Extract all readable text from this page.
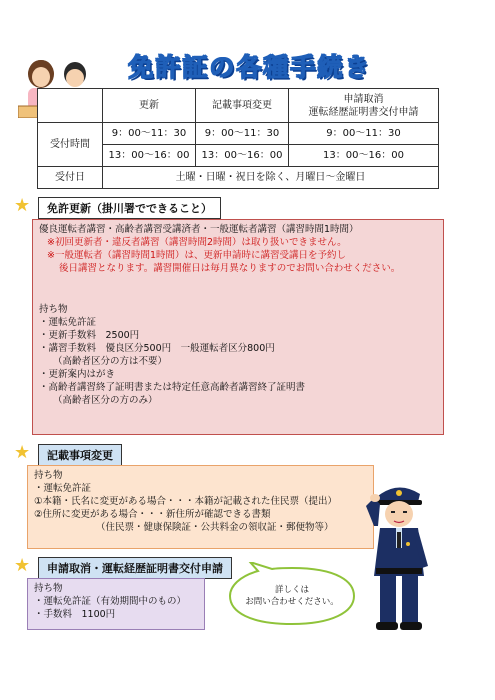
免許証の各種手続き
	更新	記載事項変更	申請取消
運転経歴証明書交付申請
受付時間	9：00～11：30	9：00～11：30	9：00～11：30
	13：00～16：00	13：00～16：00	13：00～16：00
受付日	土曜・日曜・祝日を除く、月曜日～金曜日		
★	免許更新（掛川署でできること）
優良運転者講習・高齢者講習受講済者・一般運転者講習（講習時間1時間）
※初回更新者・違反者講習（講習時間2時間）は取り扱いできません。
※一般運転者（講習時間1時間）は、更新申請時に講習受講日を予約し
後日講習となります。講習開催日は毎月異なりますのでお問い合わせください。
持ち物
・運転免許証
・更新手数料　2500円
・講習手数料　優良区分500円　一般運転者区分800円
（高齢者区分の方は不要）
・更新案内はがき
・高齢者講習終了証明書または特定任意高齢者講習終了証明書
（高齢者区分の方のみ）
★	記載事項変更
持ち物
・運転免許証
①本籍・氏名に変更がある場合・・・本籍が記載された住民票（提出）
②住所に変更がある場合・・・新住所が確認できる書類
（住民票・健康保険証・公共料金の領収証・郵便物等）
★	申請取消・運転経歴証明書交付申請
持ち物
・運転免許証（有効期間中のもの）
・手数料　1100円
詳しくは
お問い合わせください。
